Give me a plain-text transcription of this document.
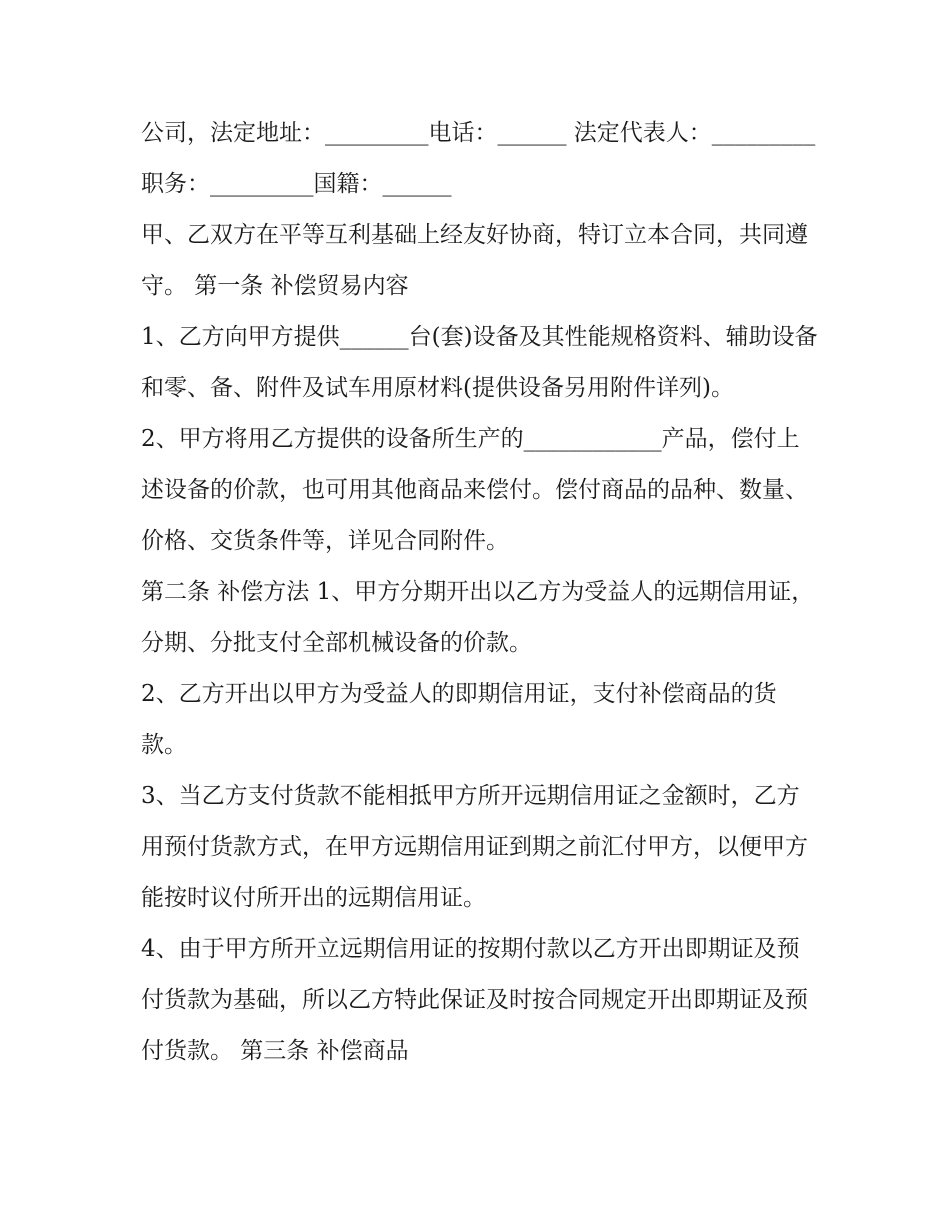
公司，法定地址：_________电话：______ 法定代表人：_________职务：_________国籍：______

甲、乙双方在平等互利基础上经友好协商，特订立本合同，共同遵守。 第一条 补偿贸易内容

1、乙方向甲方提供______台(套)设备及其性能规格资料、辅助设备和零、备、附件及试车用原材料(提供设备另用附件详列)。

2、甲方将用乙方提供的设备所生产的____________产品，偿付上述设备的价款，也可用其他商品来偿付。偿付商品的品种、数量、价格、交货条件等，详见合同附件。

第二条 补偿方法 1、甲方分期开出以乙方为受益人的远期信用证，分期、分批支付全部机械设备的价款。

2、乙方开出以甲方为受益人的即期信用证，支付补偿商品的货款。

3、当乙方支付货款不能相抵甲方所开远期信用证之金额时，乙方用预付货款方式，在甲方远期信用证到期之前汇付甲方，以便甲方能按时议付所开出的远期信用证。

4、由于甲方所开立远期信用证的按期付款以乙方开出即期证及预付货款为基础，所以乙方特此保证及时按合同规定开出即期证及预付货款。 第三条 补偿商品
